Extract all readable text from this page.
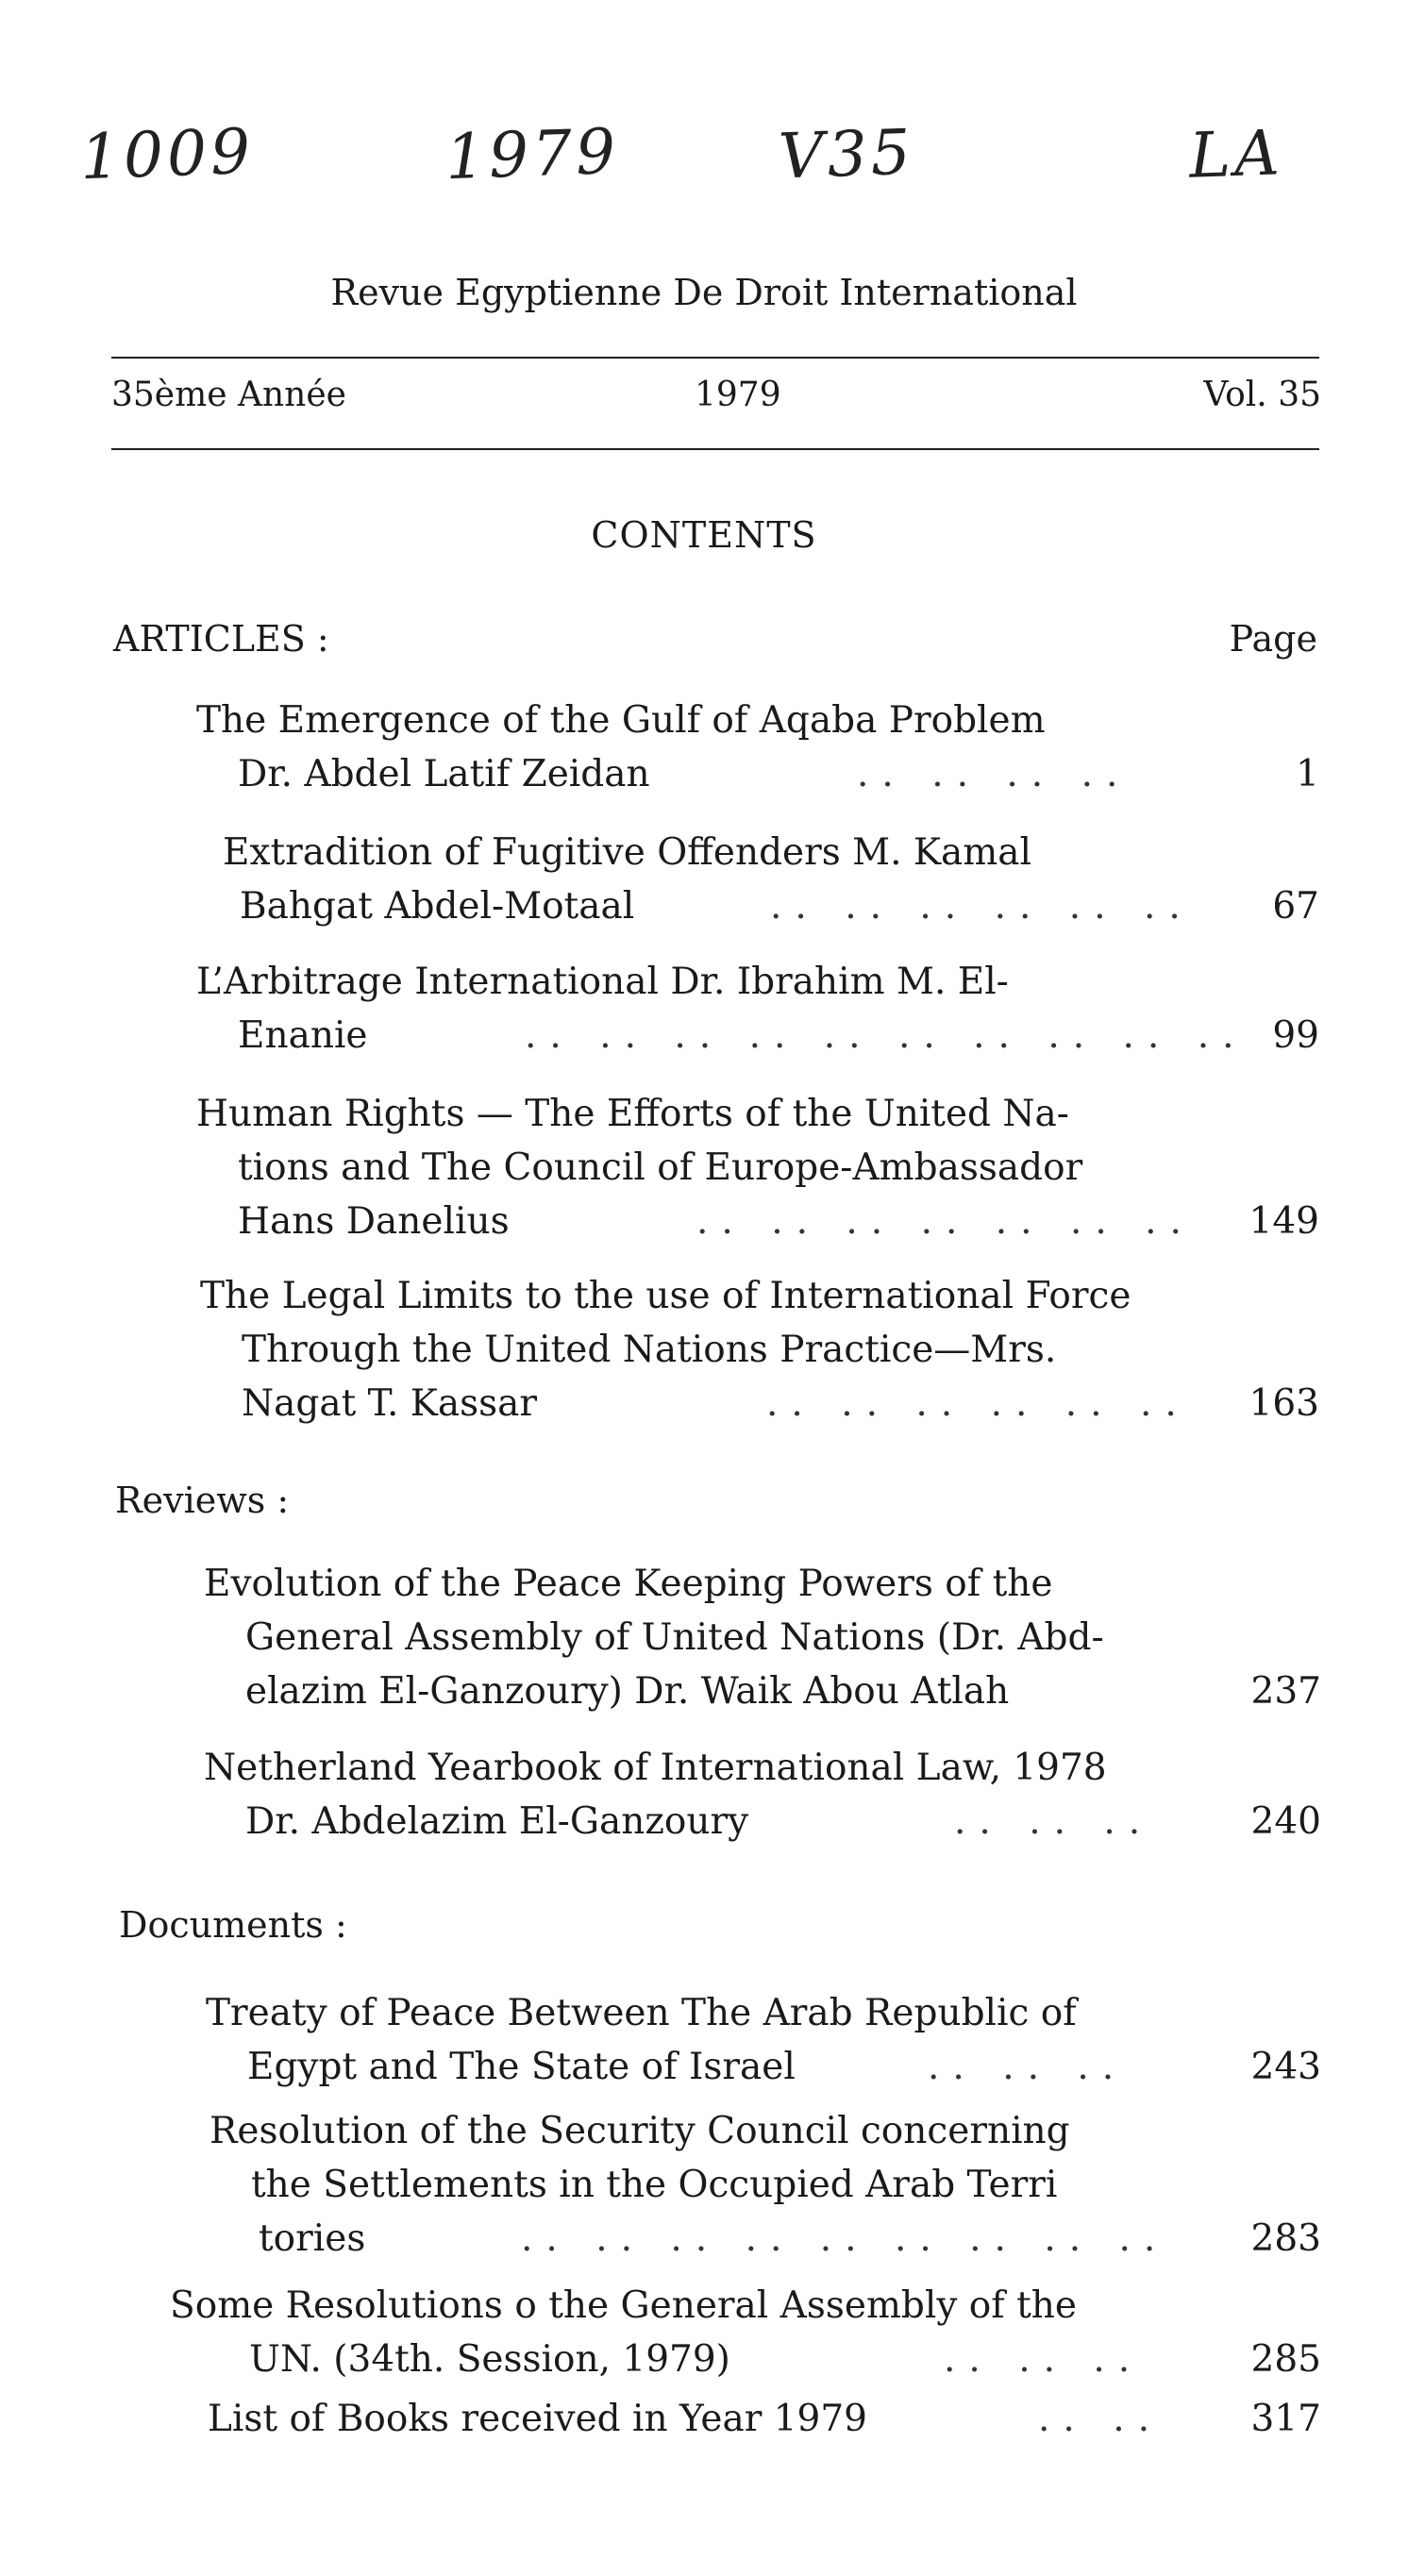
1009	1979	V35	LA
Revue Egyptienne De Droit International
35ème Année	1979	Vol. 35
CONTENTS
ARTICLES :	Page
The Emergence of the Gulf of Aqaba Problem
Dr. Abdel Latif Zeidan	.. .. .. ..	1
Extradition of Fugitive Offenders M. Kamal
Bahgat Abdel-Motaal	.. .. .. .. .. .. 67
L’Arbitrage International Dr. Ibrahim M. El-
Enanie	.. .. .. .. .. .. .. .. .. .. 99
Human Rights — The Efforts of the United Na-
tions and The Council of Europe-Ambassador
Hans Danelius	.. .. .. .. .. .. .. 149
The Legal Limits to the use of International Force
Through the United Nations Practice—Mrs.
Nagat T. Kassar	.. .. .. .. .. .. 163
Reviews :
Evolution of the Peace Keeping Powers of the
General Assembly of United Nations (Dr. Abd-
elazim El-Ganzoury) Dr. Waik Abou Atlah	237
Netherland Yearbook of International Law, 1978
Dr. Abdelazim El-Ganzoury	.. .. ..	240
Documents :
Treaty of Peace Between The Arab Republic of
Egypt and The State of Israel	.. .. ..	243
Resolution of the Security Council concerning
the Settlements in the Occupied Arab Terri
tories	.. .. .. .. .. .. .. .. .. 283
Some Resolutions o the General Assembly of the
UN. (34th. Session, 1979)	.. .. ..	285
List of Books received in Year 1979	.. .. 317
